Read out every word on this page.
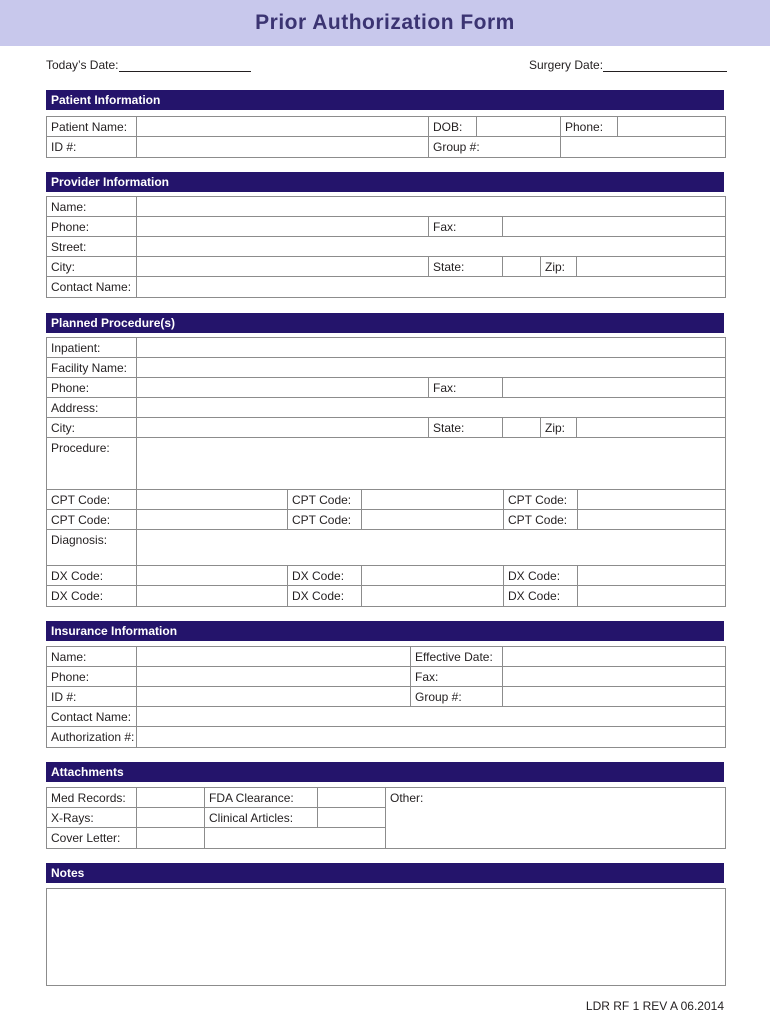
Prior Authorization Form
Today’s Date:	Surgery Date:
Patient Information
Patient Name:	DOB:	Phone:
ID #:	Group #:
Provider Information
Name:
Phone:	Fax:
Street:
City:	State:	Zip:
Contact Name:
Planned Procedure(s)
Inpatient:
Facility Name:
Phone:	Fax:
Address:
City:	State:	Zip:
Procedure:
CPT Code:	CPT Code:	CPT Code:
CPT Code:	CPT Code:	CPT Code:
Diagnosis:
DX Code:	DX Code:	DX Code:
DX Code:	DX Code:	DX Code:
Insurance Information
Name:	Effective Date:
Phone:	Fax:
ID #:	Group #:
Contact Name:
Authorization #:
Attachments
Med Records:	FDA Clearance:
X-Rays:	Clinical Articles:
Cover Letter:
Other:
Notes
LDR RF 1 REV A 06.2014
